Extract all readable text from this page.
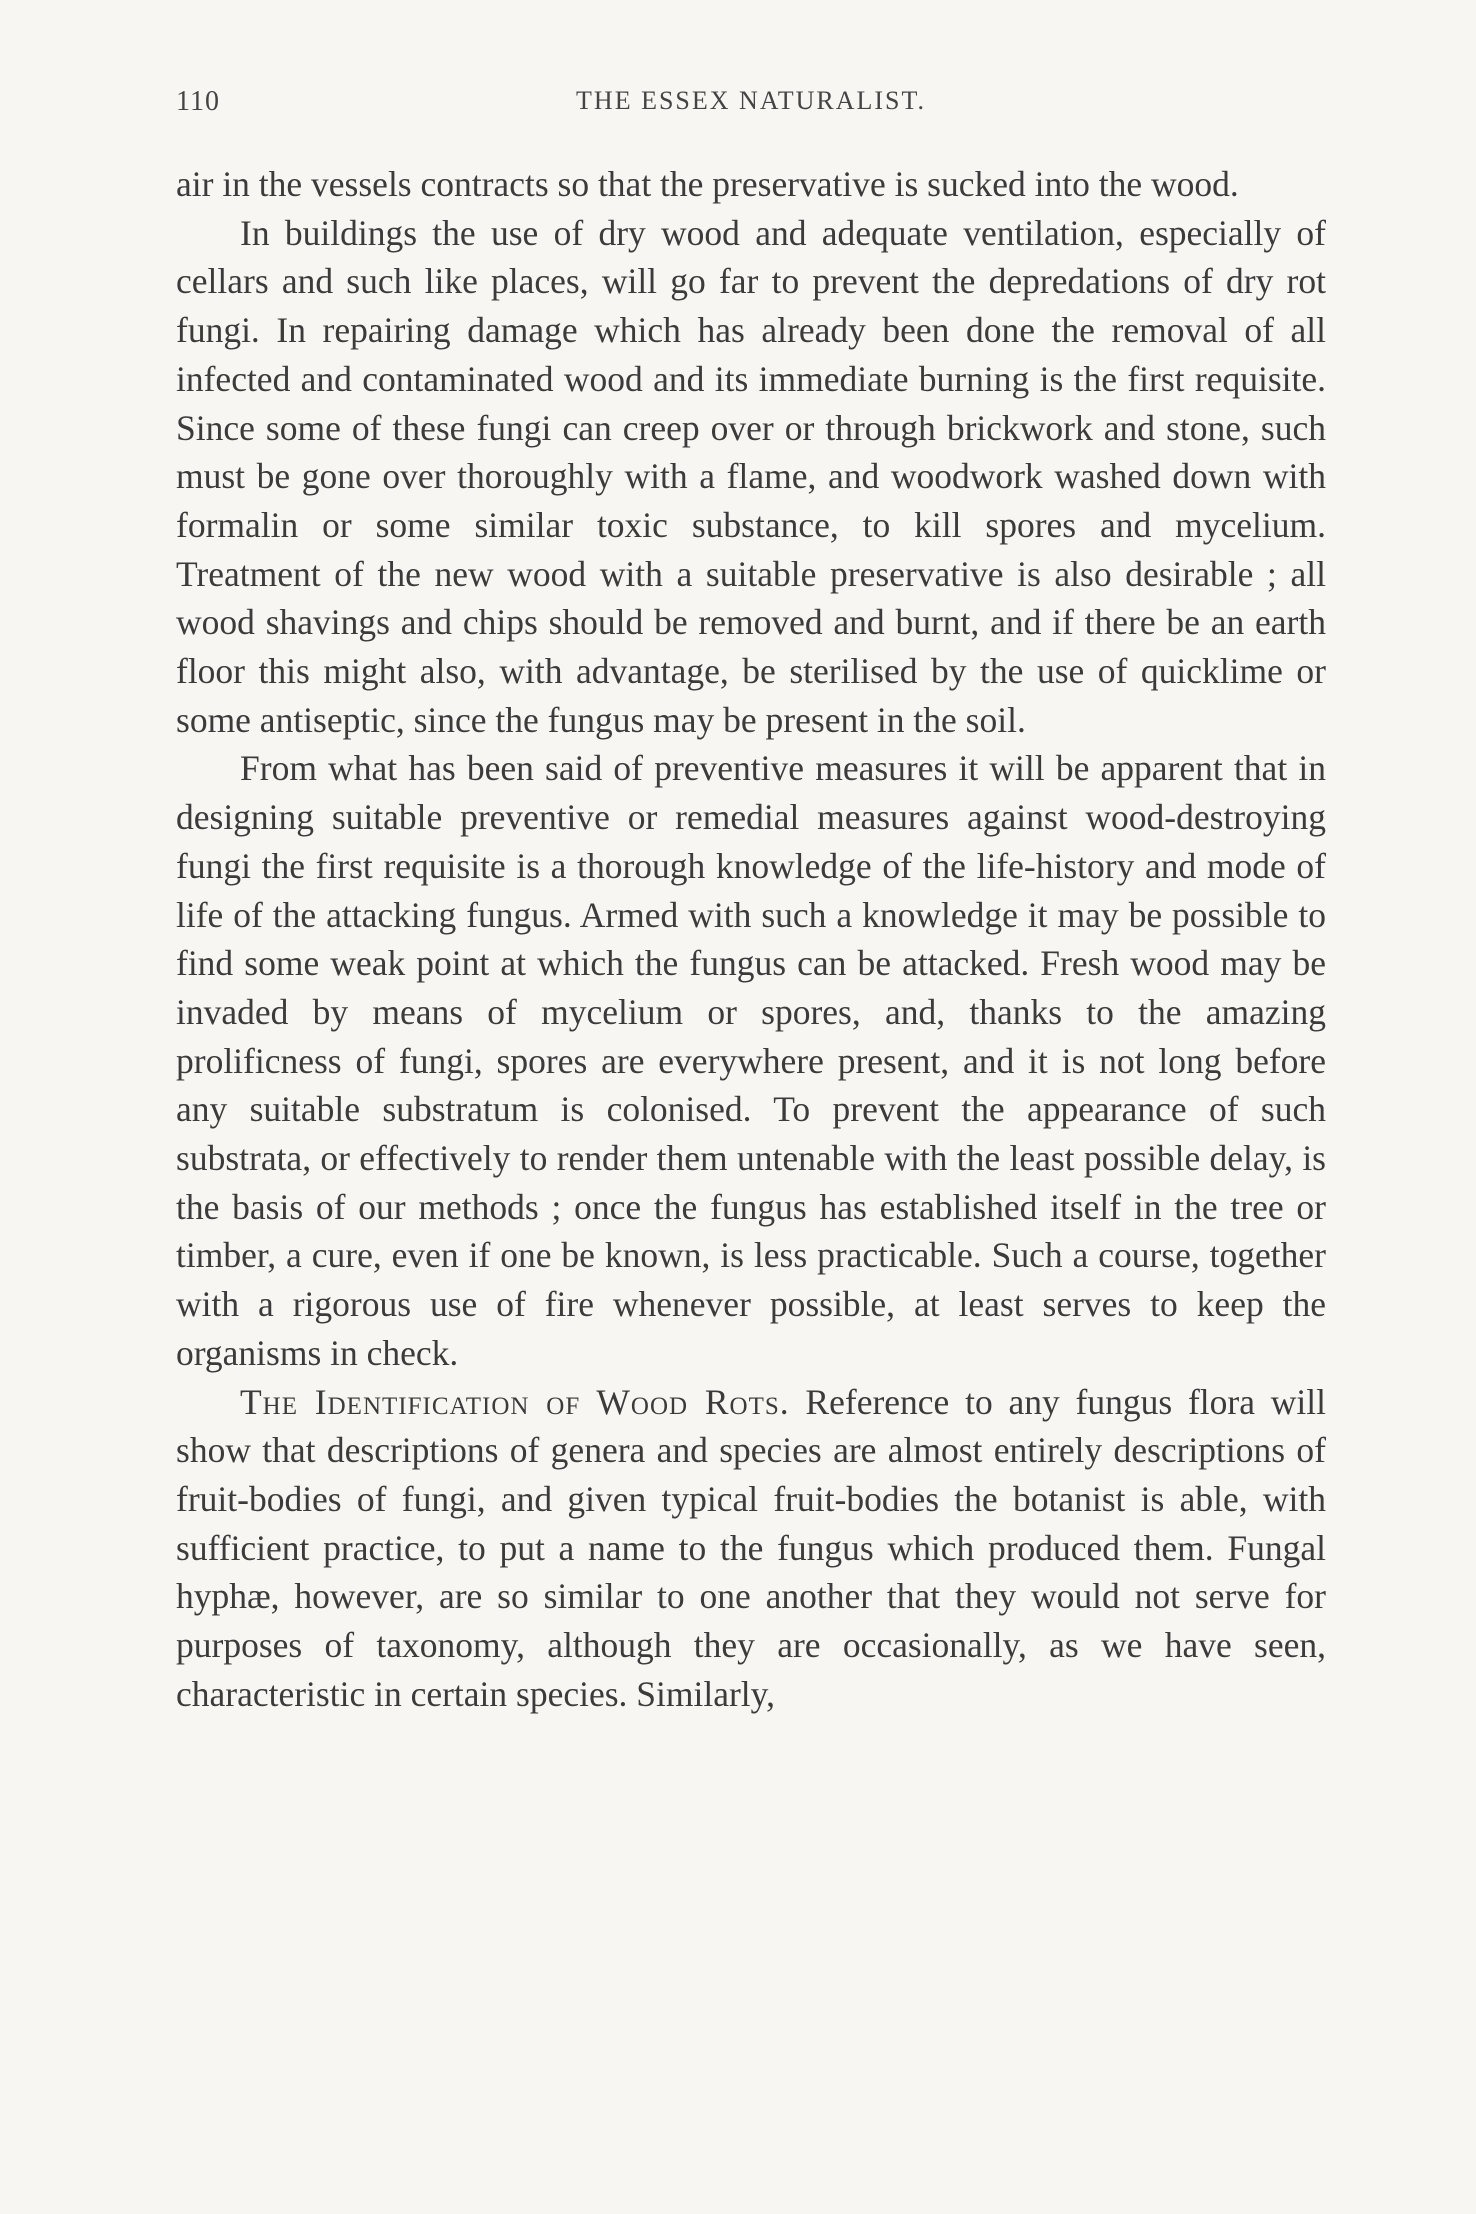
110	THE ESSEX NATURALIST.

air in the vessels contracts so that the preservative is sucked into the wood.

In buildings the use of dry wood and adequate ventilation, especially of cellars and such like places, will go far to prevent the depredations of dry rot fungi. In repairing damage which has already been done the removal of all infected and contaminated wood and its immediate burning is the first requisite. Since some of these fungi can creep over or through brickwork and stone, such must be gone over thoroughly with a flame, and woodwork washed down with formalin or some similar toxic substance, to kill spores and mycelium. Treatment of the new wood with a suitable preservative is also desirable ; all wood shavings and chips should be removed and burnt, and if there be an earth floor this might also, with advantage, be sterilised by the use of quicklime or some antiseptic, since the fungus may be present in the soil.

From what has been said of preventive measures it will be apparent that in designing suitable preventive or remedial measures against wood-destroying fungi the first requisite is a thorough knowledge of the life-history and mode of life of the attacking fungus. Armed with such a knowledge it may be possible to find some weak point at which the fungus can be attacked. Fresh wood may be invaded by means of mycelium or spores, and, thanks to the amazing prolificness of fungi, spores are everywhere present, and it is not long before any suitable substratum is colonised. To prevent the appearance of such substrata, or effectively to render them untenable with the least possible delay, is the basis of our methods ; once the fungus has established itself in the tree or timber, a cure, even if one be known, is less practicable. Such a course, together with a rigorous use of fire whenever possible, at least serves to keep the organisms in check.

The Identification of Wood Rots. Reference to any fungus flora will show that descriptions of genera and species are almost entirely descriptions of fruit-bodies of fungi, and given typical fruit-bodies the botanist is able, with sufficient practice, to put a name to the fungus which produced them. Fungal hyphæ, however, are so similar to one another that they would not serve for purposes of taxonomy, although they are occasionally, as we have seen, characteristic in certain species. Similarly,
